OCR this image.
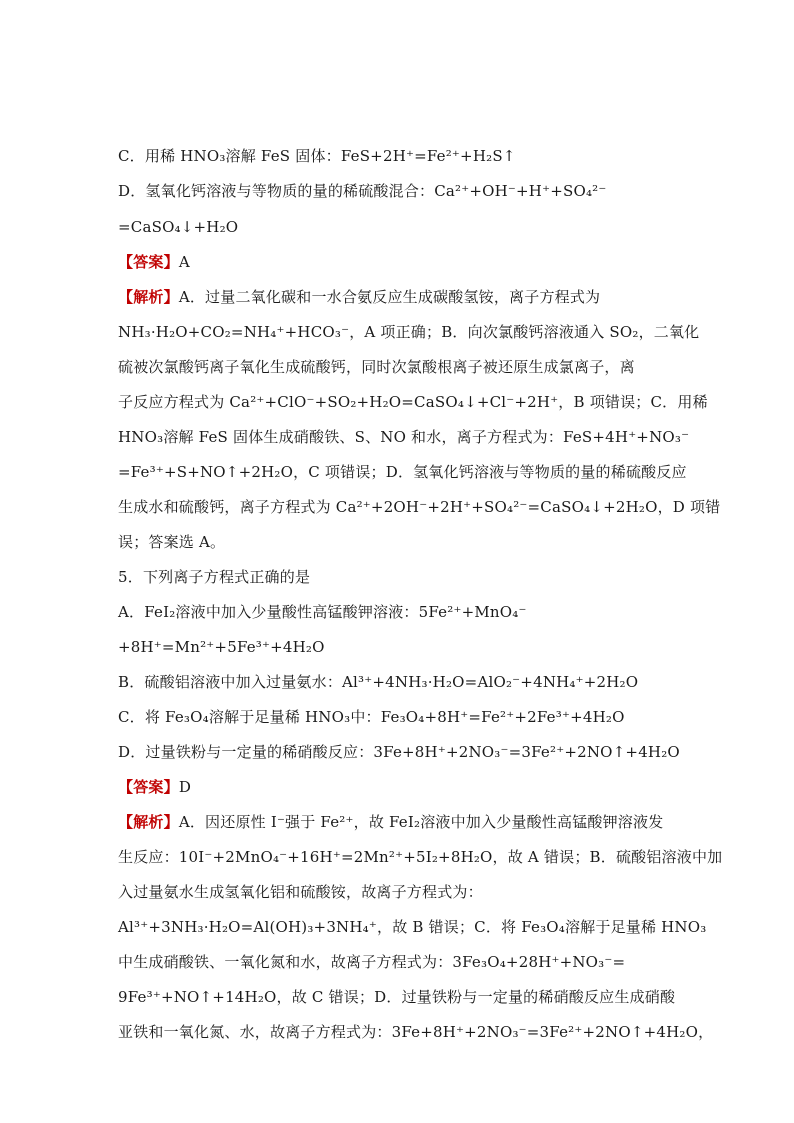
C．用稀 HNO₃溶解 FeS 固体：FeS+2H⁺=Fe²⁺+H₂S↑
D．氢氧化钙溶液与等物质的量的稀硫酸混合：Ca²⁺+OH⁻+H⁺+SO₄²⁻
=CaSO₄↓+H₂O
【答案】A
【解析】A．过量二氧化碳和一水合氨反应生成碳酸氢铵，离子方程式为
NH₃·H₂O+CO₂=NH₄⁺+HCO₃⁻，A 项正确；B．向次氯酸钙溶液通入 SO₂，二氧化
硫被次氯酸钙离子氧化生成硫酸钙，同时次氯酸根离子被还原生成氯离子，离
子反应方程式为 Ca²⁺+ClO⁻+SO₂+H₂O=CaSO₄↓+Cl⁻+2H⁺，B 项错误；C．用稀
HNO₃溶解 FeS 固体生成硝酸铁、S、NO 和水，离子方程式为：FeS+4H⁺+NO₃⁻
=Fe³⁺+S+NO↑+2H₂O，C 项错误；D．氢氧化钙溶液与等物质的量的稀硫酸反应
生成水和硫酸钙，离子方程式为 Ca²⁺+2OH⁻+2H⁺+SO₄²⁻=CaSO₄↓+2H₂O，D 项错
误；答案选 A。
5．下列离子方程式正确的是
A．FeI₂溶液中加入少量酸性高锰酸钾溶液：5Fe²⁺+MnO₄⁻
+8H⁺=Mn²⁺+5Fe³⁺+4H₂O
B．硫酸铝溶液中加入过量氨水：Al³⁺+4NH₃·H₂O=AlO₂⁻+4NH₄⁺+2H₂O
C．将 Fe₃O₄溶解于足量稀 HNO₃中：Fe₃O₄+8H⁺=Fe²⁺+2Fe³⁺+4H₂O
D．过量铁粉与一定量的稀硝酸反应：3Fe+8H⁺+2NO₃⁻=3Fe²⁺+2NO↑+4H₂O
【答案】D
【解析】A．因还原性 I⁻强于 Fe²⁺，故 FeI₂溶液中加入少量酸性高锰酸钾溶液发
生反应：10I⁻+2MnO₄⁻+16H⁺=2Mn²⁺+5I₂+8H₂O，故 A 错误；B．硫酸铝溶液中加
入过量氨水生成氢氧化铝和硫酸铵，故离子方程式为：
Al³⁺+3NH₃·H₂O=Al(OH)₃+3NH₄⁺，故 B 错误；C．将 Fe₃O₄溶解于足量稀 HNO₃
中生成硝酸铁、一氧化氮和水，故离子方程式为：3Fe₃O₄+28H⁺+NO₃⁻=
9Fe³⁺+NO↑+14H₂O，故 C 错误；D．过量铁粉与一定量的稀硝酸反应生成硝酸
亚铁和一氧化氮、水，故离子方程式为：3Fe+8H⁺+2NO₃⁻=3Fe²⁺+2NO↑+4H₂O，
